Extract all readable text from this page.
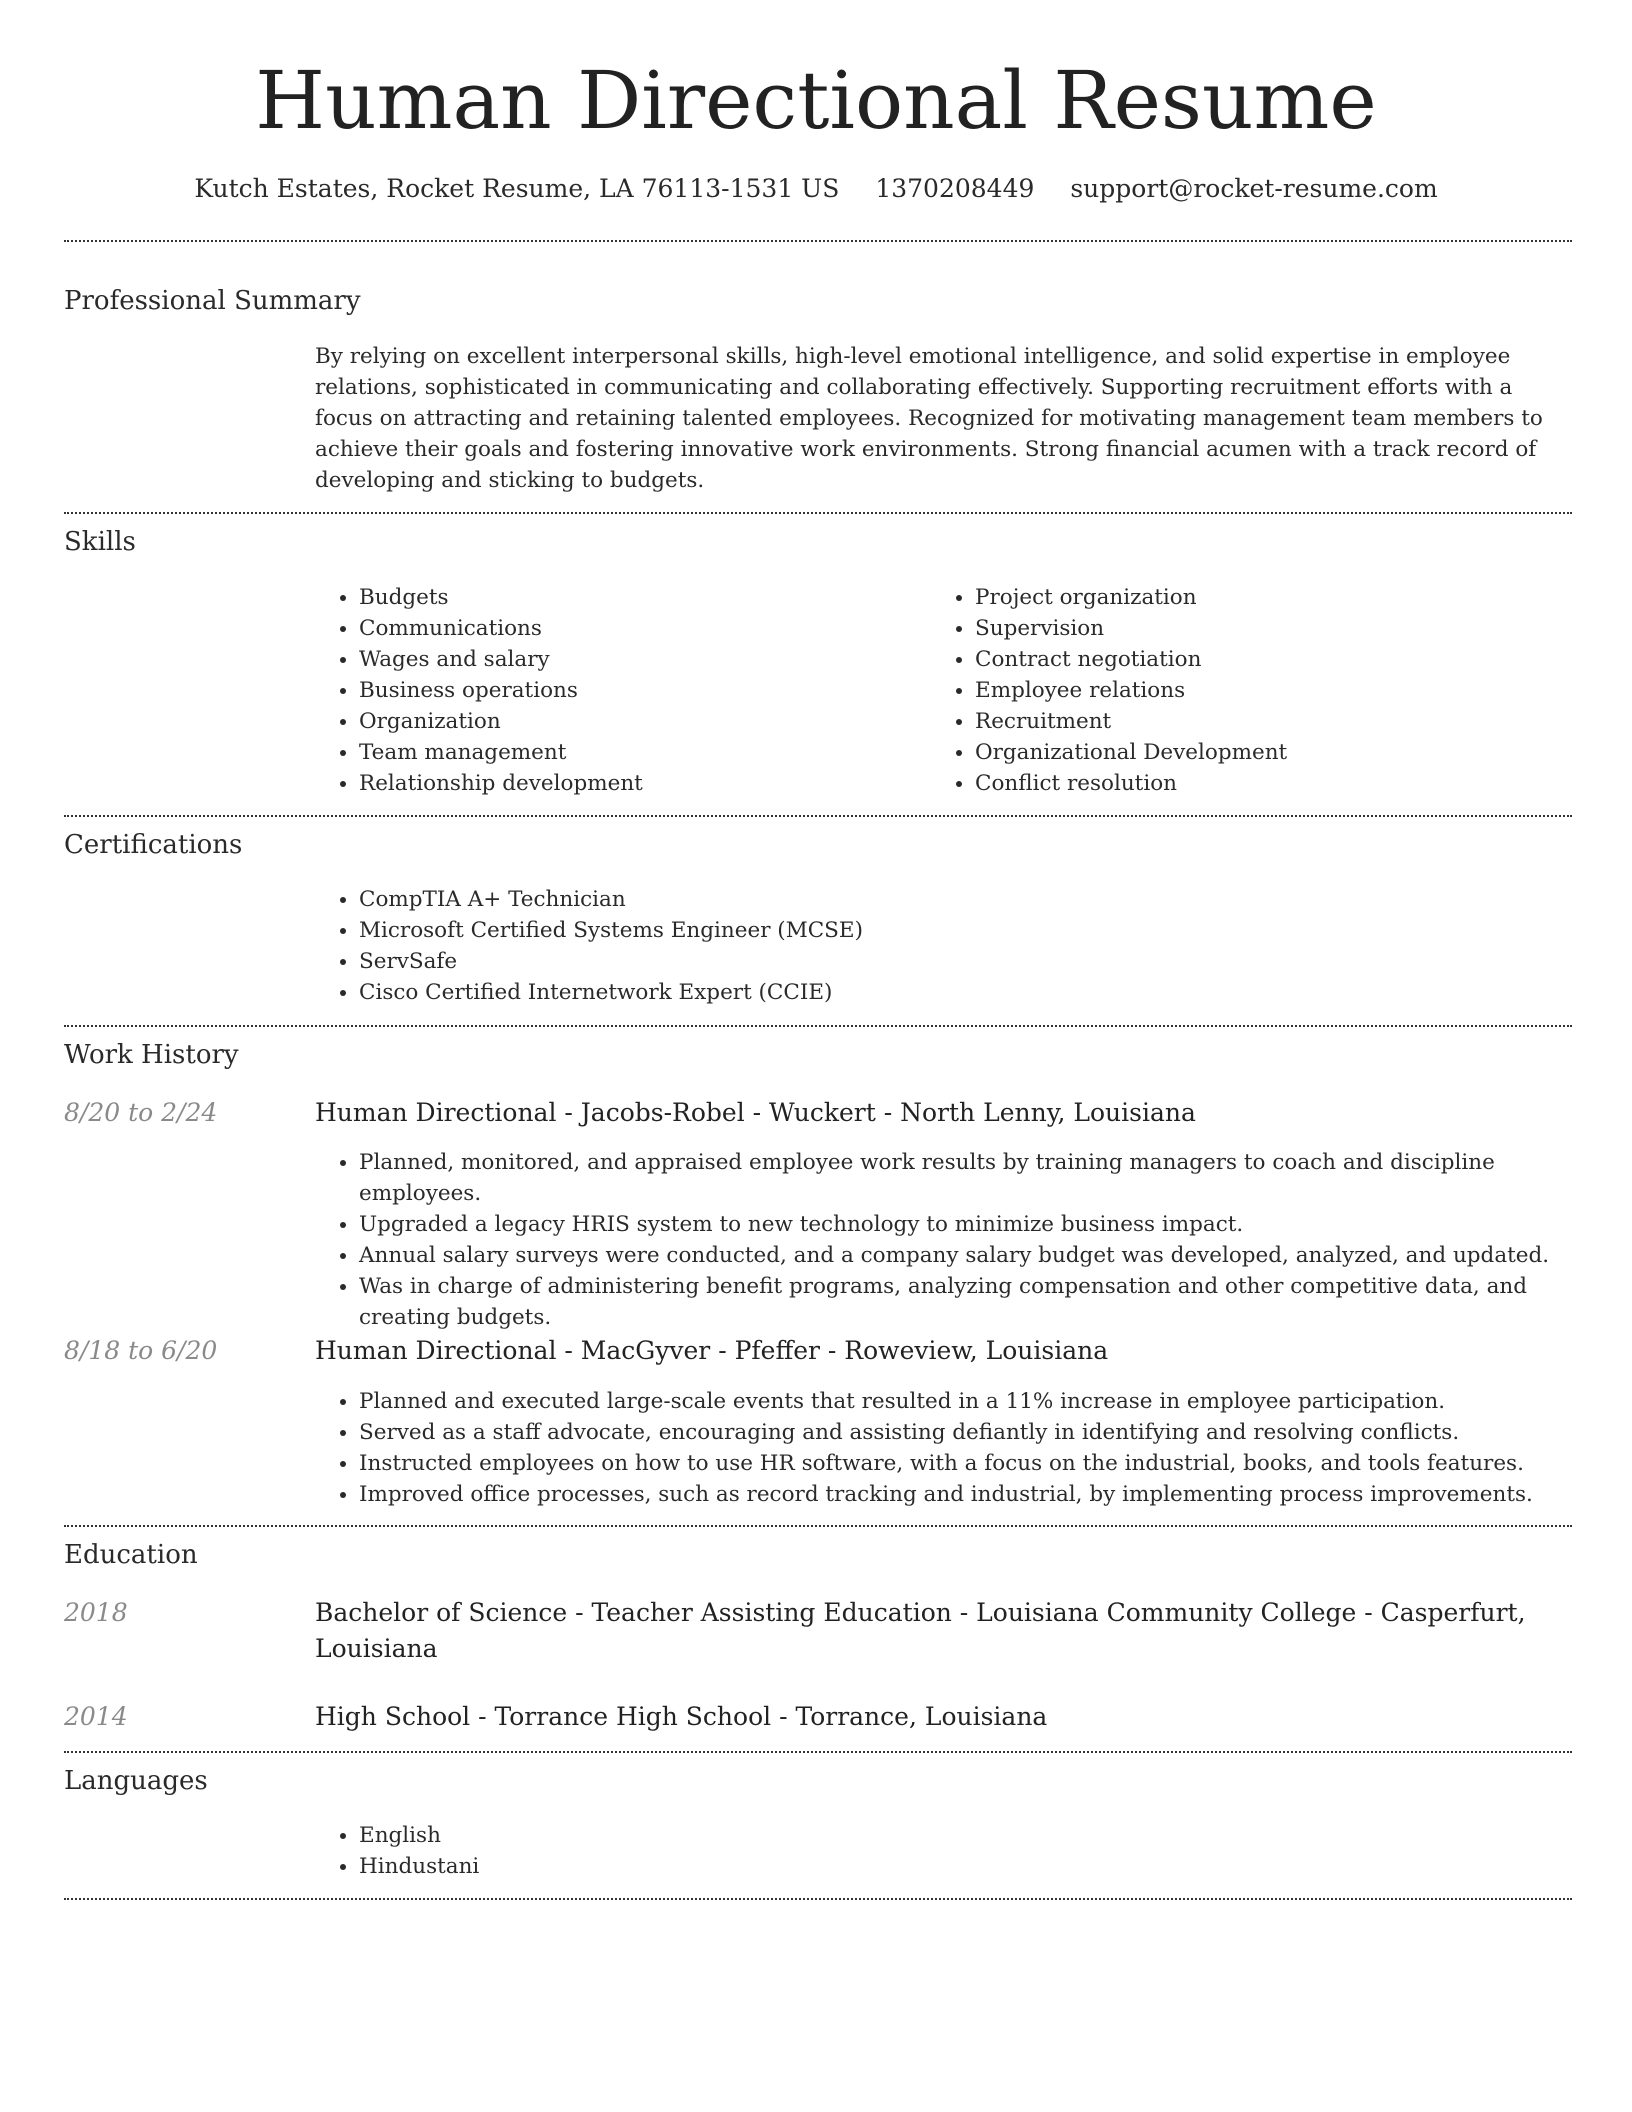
Human Directional Resume
Kutch Estates, Rocket Resume, LA 76113-1531 US 1370208449 support@rocket-resume.com
Professional Summary

By relying on excellent interpersonal skills, high-level emotional intelligence, and solid expertise in employee relations, sophisticated in communicating and collaborating effectively. Supporting recruitment efforts with a focus on attracting and retaining talented employees. Recognized for motivating management team members to achieve their goals and fostering innovative work environments. Strong financial acumen with a track record of developing and sticking to budgets.

Skills
• Budgets
• Communications
• Wages and salary
• Business operations
• Organization
• Team management
• Relationship development
• Project organization
• Supervision
• Contract negotiation
• Employee relations
• Recruitment
• Organizational Development
• Conflict resolution
Certifications
• CompTIA A+ Technician
• Microsoft Certified Systems Engineer (MCSE)
• ServSafe
• Cisco Certified Internetwork Expert (CCIE)
Work History
8/20 to 2/24	Human Directional - Jacobs-Robel - Wuckert - North Lenny, Louisiana
• Planned, monitored, and appraised employee work results by training managers to coach and discipline employees.
• Upgraded a legacy HRIS system to new technology to minimize business impact.
• Annual salary surveys were conducted, and a company salary budget was developed, analyzed, and updated.
• Was in charge of administering benefit programs, analyzing compensation and other competitive data, and creating budgets.
8/18 to 6/20	Human Directional - MacGyver - Pfeffer - Roweview, Louisiana
• Planned and executed large-scale events that resulted in a 11% increase in employee participation.
• Served as a staff advocate, encouraging and assisting defiantly in identifying and resolving conflicts.
• Instructed employees on how to use HR software, with a focus on the industrial, books, and tools features.
• Improved office processes, such as record tracking and industrial, by implementing process improvements.
Education
2018	Bachelor of Science - Teacher Assisting Education - Louisiana Community College - Casperfurt, Louisiana
2014	High School - Torrance High School - Torrance, Louisiana
Languages
• English
• Hindustani
